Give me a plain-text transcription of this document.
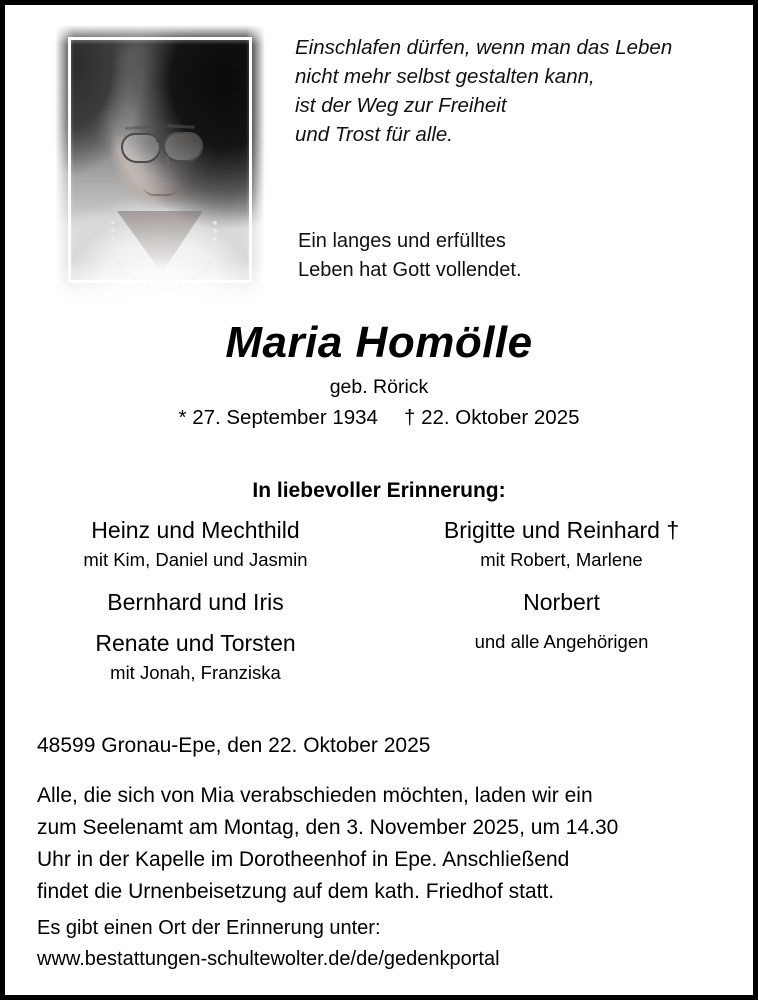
Einschlafen dürfen, wenn man das Leben
nicht mehr selbst gestalten kann,
ist der Weg zur Freiheit
und Trost für alle.
Ein langes und erfülltes
Leben hat Gott vollendet.
Maria Homölle
geb. Rörick
* 27. September 1934 † 22. Oktober 2025
In liebevoller Erinnerung:
Heinz und Mechthild
mit Kim, Daniel und Jasmin
Bernhard und Iris
Renate und Torsten
mit Jonah, Franziska
Brigitte und Reinhard †
mit Robert, Marlene
Norbert
und alle Angehörigen
48599 Gronau-Epe, den 22. Oktober 2025
Alle, die sich von Mia verabschieden möchten, laden wir ein
zum Seelenamt am Montag, den 3. November 2025, um 14.30
Uhr in der Kapelle im Dorotheenhof in Epe. Anschließend
findet die Urnenbeisetzung auf dem kath. Friedhof statt.
Es gibt einen Ort der Erinnerung unter:
www.bestattungen-schultewolter.de/de/gedenkportal
